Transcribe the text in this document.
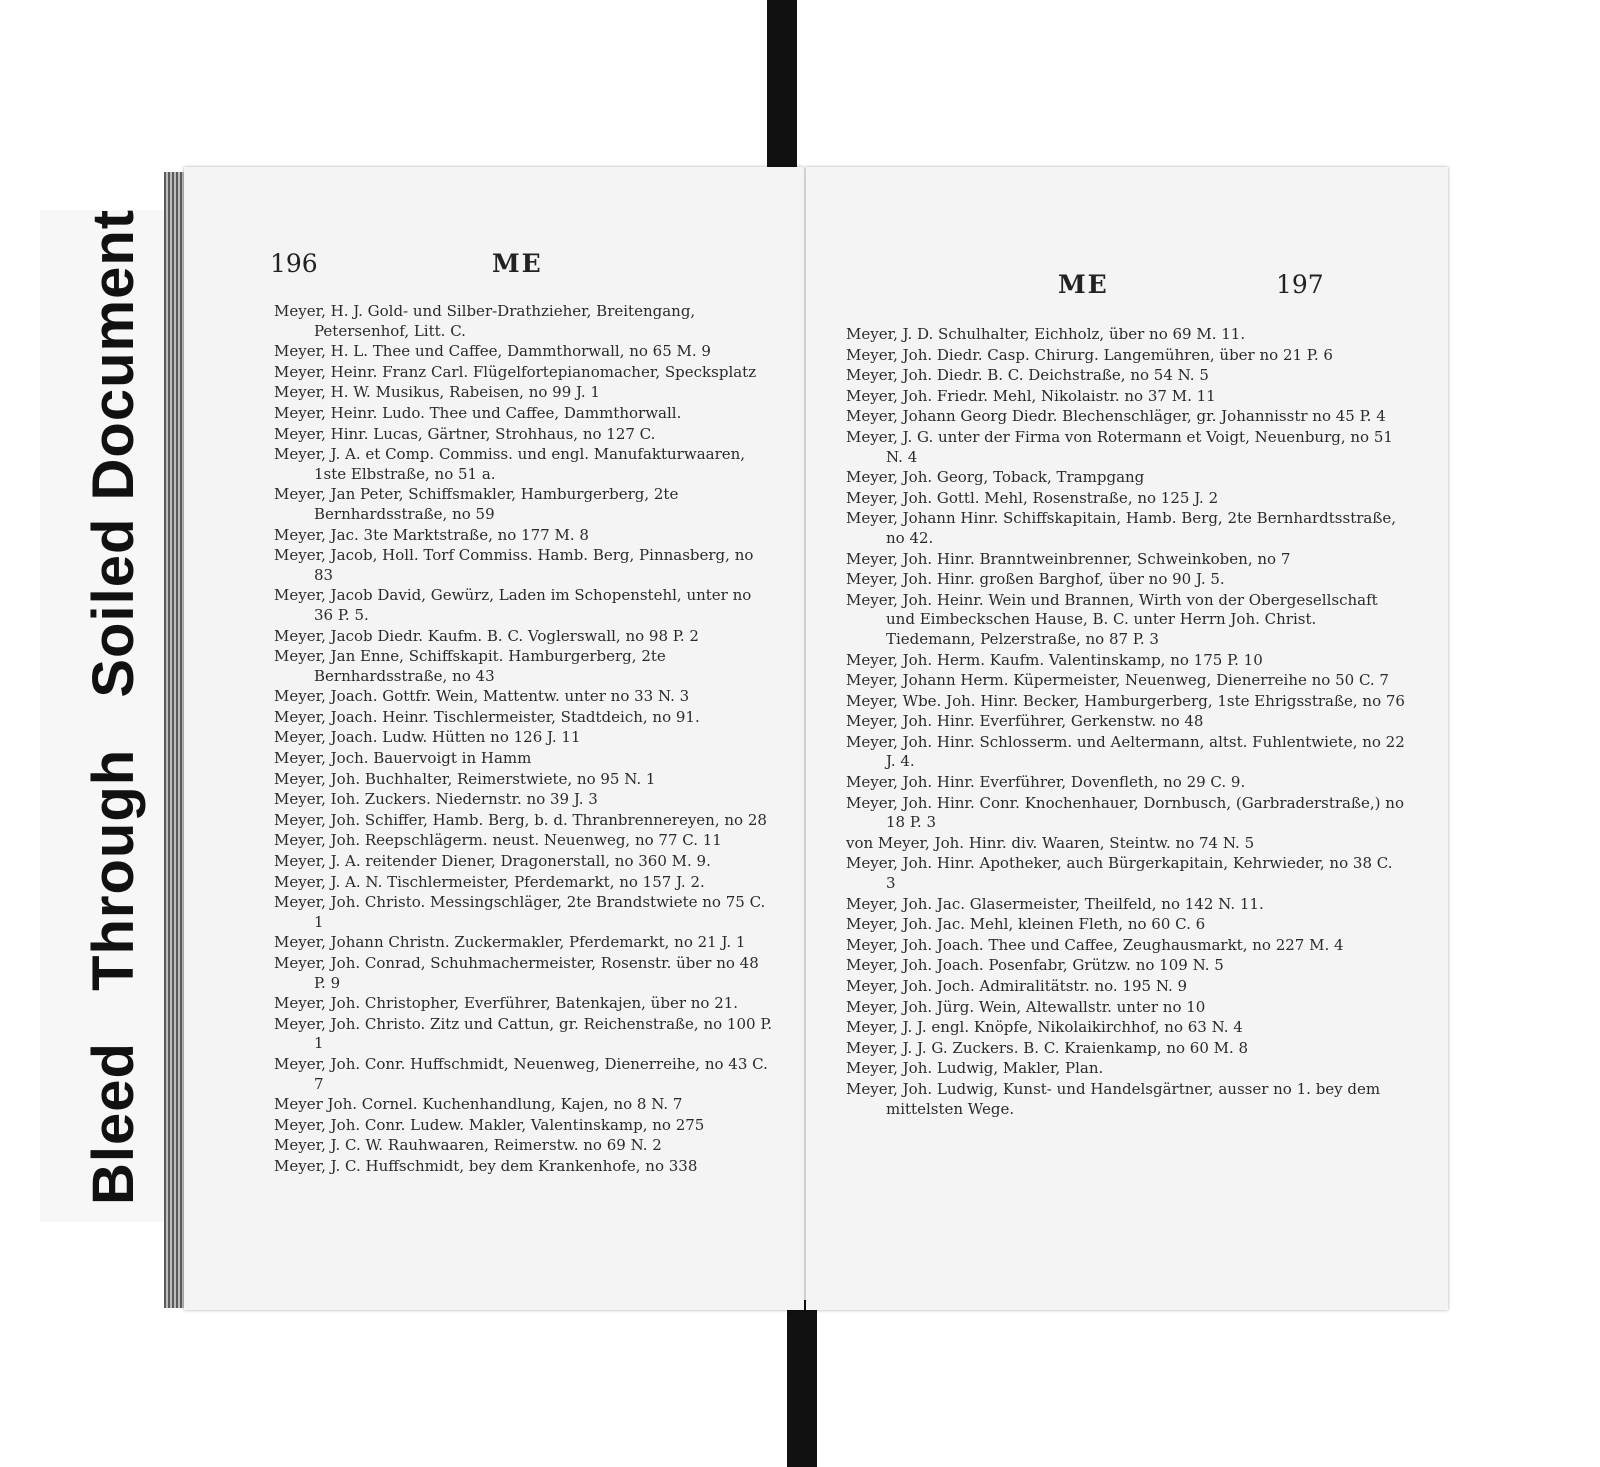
Bleed Through Soiled Document	196	ME
Meyer, H. J. Gold- und Silber-Drathzieher, Breitengang, Petersenhof, Litt. C.
Meyer, H. L. Thee und Caffee, Dammthorwall, no 65 M. 9
Meyer, Heinr. Franz Carl. Flügelfortepianomacher, Specksplatz
Meyer, H. W. Musikus, Rabeisen, no 99 J. 1
Meyer, Heinr. Ludo. Thee und Caffee, Dammthorwall.
Meyer, Hinr. Lucas, Gärtner, Strohhaus, no 127 C.
Meyer, J. A. et Comp. Commiss. und engl. Manufakturwaaren, 1ste Elbstraße, no 51 a.
Meyer, Jan Peter, Schiffsmakler, Hamburgerberg, 2te Bernhardsstraße, no 59
Meyer, Jac. 3te Marktstraße, no 177 M. 8
Meyer, Jacob, Holl. Torf Commiss. Hamb. Berg, Pinnasberg, no 83
Meyer, Jacob David, Gewürz, Laden im Schopenstehl, unter no 36 P. 5.
Meyer, Jacob Diedr. Kaufm. B. C. Voglerswall, no 98 P. 2
Meyer, Jan Enne, Schiffskapit. Hamburgerberg, 2te Bernhardsstraße, no 43
Meyer, Joach. Gottfr. Wein, Mattentw. unter no 33 N. 3
Meyer, Joach. Heinr. Tischlermeister, Stadtdeich, no 91.
Meyer, Joach. Ludw. Hütten no 126 J. 11
Meyer, Joch. Bauervoigt in Hamm
Meyer, Joh. Buchhalter, Reimerstwiete, no 95 N. 1
Meyer, Ioh. Zuckers. Niedernstr. no 39 J. 3
Meyer, Joh. Schiffer, Hamb. Berg, b. d. Thranbrennereyen, no 28
Meyer, Joh. Reepschlägerm. neust. Neuenweg, no 77 C. 11
Meyer, J. A. reitender Diener, Dragonerstall, no 360 M. 9.
Meyer, J. A. N. Tischlermeister, Pferdemarkt, no 157 J. 2.
Meyer, Joh. Christo. Messingschläger, 2te Brandstwiete no 75 C. 1
Meyer, Johann Christn. Zuckermakler, Pferdemarkt, no 21 J. 1
Meyer, Joh. Conrad, Schuhmachermeister, Rosenstr. über no 48 P. 9
Meyer, Joh. Christopher, Everführer, Batenkajen, über no 21.
Meyer, Joh. Christo. Zitz und Cattun, gr. Reichenstraße, no 100 P. 1
Meyer, Joh. Conr. Huffschmidt, Neuenweg, Dienerreihe, no 43 C. 7
Meyer Joh. Cornel. Kuchenhandlung, Kajen, no 8 N. 7
Meyer, Joh. Conr. Ludew. Makler, Valentinskamp, no 275
Meyer, J. C. W. Rauhwaaren, Reimerstw. no 69 N. 2
Meyer, J. C. Huffschmidt, bey dem Krankenhofe, no 338
ME	197
Meyer, J. D. Schulhalter, Eichholz, über no 69 M. 11.
Meyer, Joh. Diedr. Casp. Chirurg. Langemühren, über no 21 P. 6
Meyer, Joh. Diedr. B. C. Deichstraße, no 54 N. 5
Meyer, Joh. Friedr. Mehl, Nikolaistr. no 37 M. 11
Meyer, Johann Georg Diedr. Blechenschläger, gr. Johannisstr no 45 P. 4
Meyer, J. G. unter der Firma von Rotermann et Voigt, Neuenburg, no 51 N. 4
Meyer, Joh. Georg, Toback, Trampgang
Meyer, Joh. Gottl. Mehl, Rosenstraße, no 125 J. 2
Meyer, Johann Hinr. Schiffskapitain, Hamb. Berg, 2te Bernhardtsstraße, no 42.
Meyer, Joh. Hinr. Branntweinbrenner, Schweinkoben, no 7
Meyer, Joh. Hinr. großen Barghof, über no 90 J. 5.
Meyer, Joh. Heinr. Wein und Brannen, Wirth von der Obergesellschaft und Eimbeckschen Hause, B. C. unter Herrn Joh. Christ. Tiedemann, Pelzerstraße, no 87 P. 3
Meyer, Joh. Herm. Kaufm. Valentinskamp, no 175 P. 10
Meyer, Johann Herm. Küpermeister, Neuenweg, Dienerreihe no 50 C. 7
Meyer, Wbe. Joh. Hinr. Becker, Hamburgerberg, 1ste Ehrigsstraße, no 76
Meyer, Joh. Hinr. Everführer, Gerkenstw. no 48
Meyer, Joh. Hinr. Schlosserm. und Aeltermann, altst. Fuhlentwiete, no 22 J. 4.
Meyer, Joh. Hinr. Everführer, Dovenfleth, no 29 C. 9.
Meyer, Joh. Hinr. Conr. Knochenhauer, Dornbusch, (Garbraderstraße,) no 18 P. 3
von Meyer, Joh. Hinr. div. Waaren, Steintw. no 74 N. 5
Meyer, Joh. Hinr. Apotheker, auch Bürgerkapitain, Kehrwieder, no 38 C. 3
Meyer, Joh. Jac. Glasermeister, Theilfeld, no 142 N. 11.
Meyer, Joh. Jac. Mehl, kleinen Fleth, no 60 C. 6
Meyer, Joh. Joach. Thee und Caffee, Zeughausmarkt, no 227 M. 4
Meyer, Joh. Joach. Posenfabr, Grützw. no 109 N. 5
Meyer, Joh. Joch. Admiralitätstr. no. 195 N. 9
Meyer, Joh. Jürg. Wein, Altewallstr. unter no 10
Meyer, J. J. engl. Knöpfe, Nikolaikirchhof, no 63 N. 4
Meyer, J. J. G. Zuckers. B. C. Kraienkamp, no 60 M. 8
Meyer, Joh. Ludwig, Makler, Plan.
Meyer, Joh. Ludwig, Kunst- und Handelsgärtner, ausser no 1. bey dem mittelsten Wege.
